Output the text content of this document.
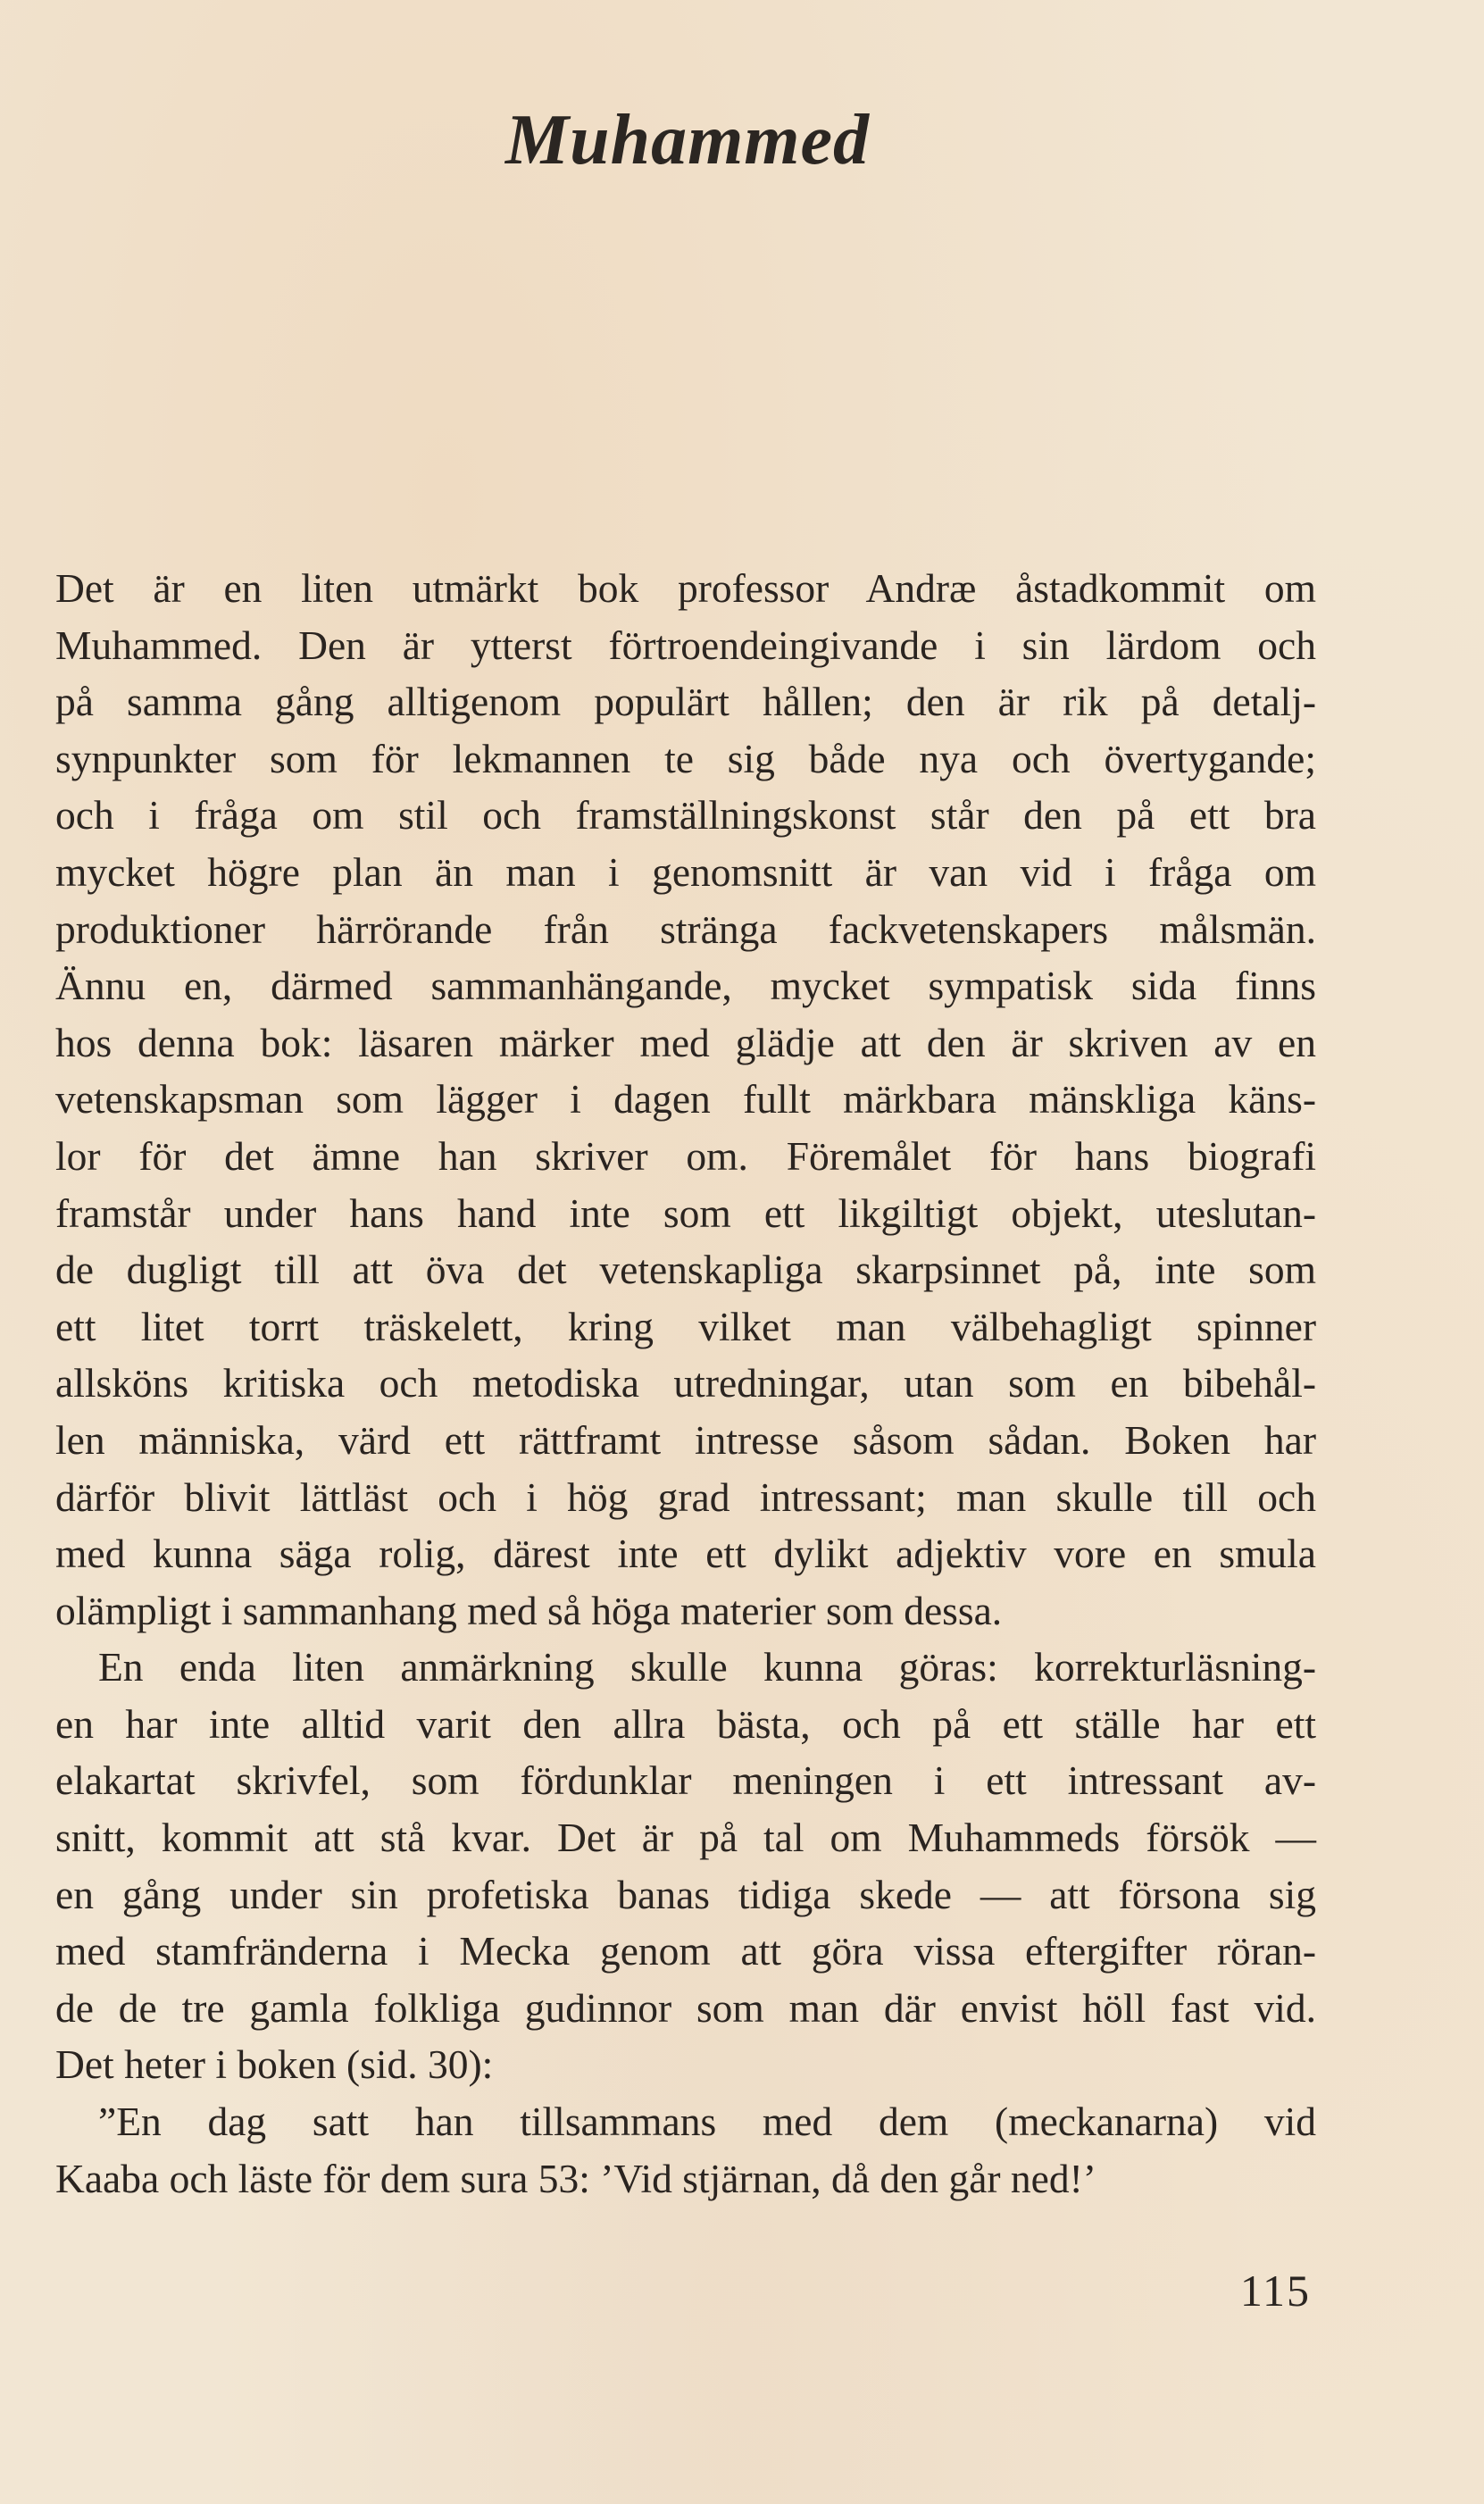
Muhammed

Det är en liten utmärkt bok professor Andræ åstadkommit om
Muhammed. Den är ytterst förtroendeingivande i sin lärdom och
på samma gång alltigenom populärt hållen; den är rik på detalj-
synpunkter som för lekmannen te sig både nya och övertygande;
och i fråga om stil och framställningskonst står den på ett bra
mycket högre plan än man i genomsnitt är van vid i fråga om
produktioner härrörande från stränga fackvetenskapers målsmän.
Ännu en, därmed sammanhängande, mycket sympatisk sida finns
hos denna bok: läsaren märker med glädje att den är skriven av en
vetenskapsman som lägger i dagen fullt märkbara mänskliga käns-
lor för det ämne han skriver om. Föremålet för hans biografi
framstår under hans hand inte som ett likgiltigt objekt, uteslutan-
de dugligt till att öva det vetenskapliga skarpsinnet på, inte som
ett litet torrt träskelett, kring vilket man välbehagligt spinner
allsköns kritiska och metodiska utredningar, utan som en bibehål-
len människa, värd ett rättframt intresse såsom sådan. Boken har
därför blivit lättläst och i hög grad intressant; man skulle till och
med kunna säga rolig, därest inte ett dylikt adjektiv vore en smula
olämpligt i sammanhang med så höga materier som dessa.

En enda liten anmärkning skulle kunna göras: korrekturläsning-
en har inte alltid varit den allra bästa, och på ett ställe har ett
elakartat skrivfel, som fördunklar meningen i ett intressant av-
snitt, kommit att stå kvar. Det är på tal om Muhammeds försök —
en gång under sin profetiska banas tidiga skede — att försona sig
med stamfränderna i Mecka genom att göra vissa eftergifter röran-
de de tre gamla folkliga gudinnor som man där envist höll fast vid.
Det heter i boken (sid. 30):

”En dag satt han tillsammans med dem (meckanarna) vid
Kaaba och läste för dem sura 53: ’Vid stjärnan, då den går ned!’

115
